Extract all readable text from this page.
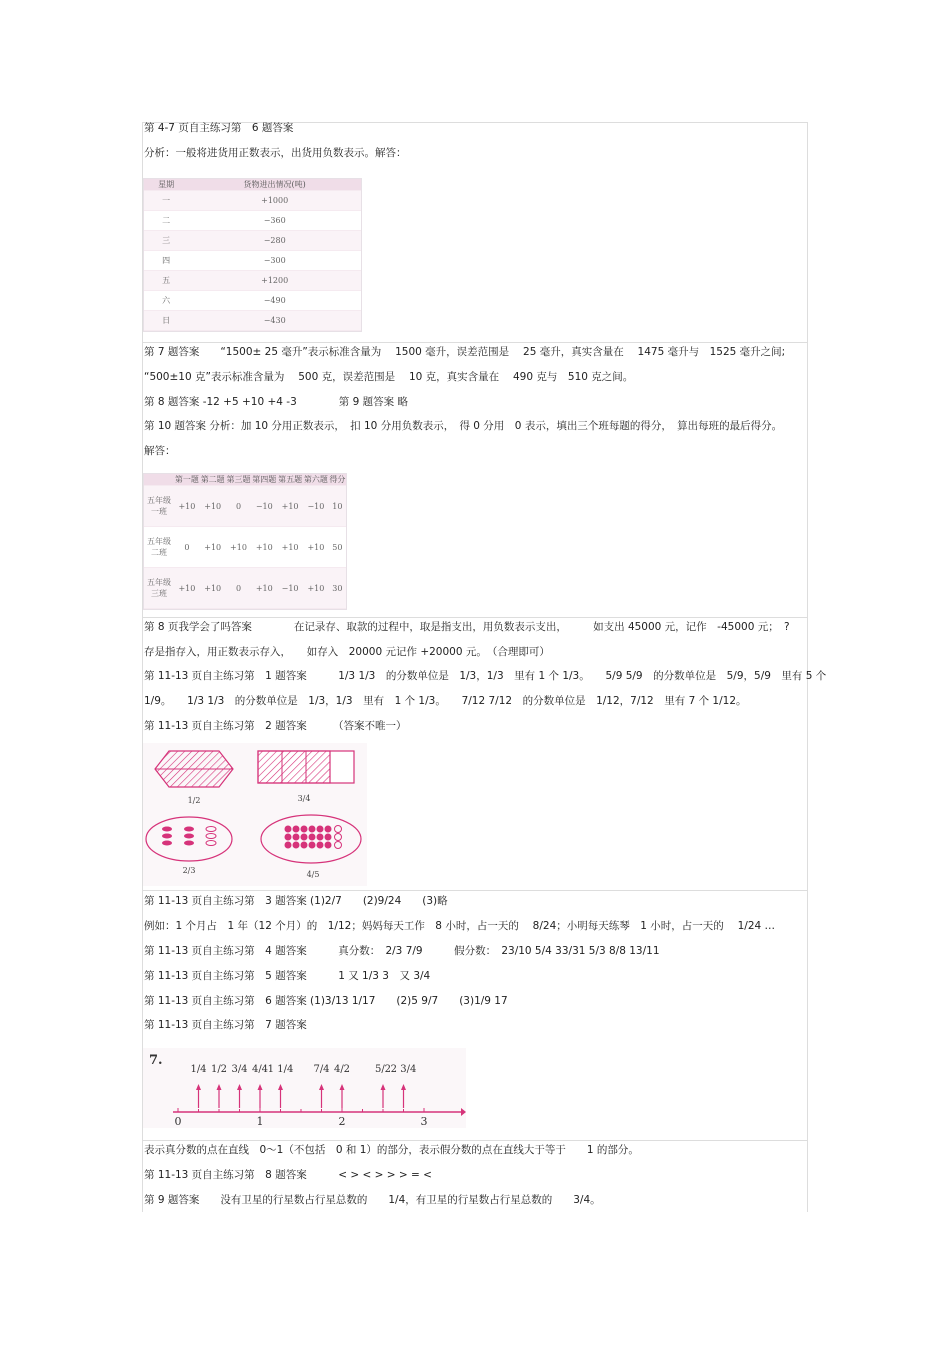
第 4-7 页自主练习第　6 题答案
分析：一般将进货用正数表示，出货用负数表示。解答：
星期	货物进出情况(吨)
一	+1000
二	−360
三	−280
四	−300
五	+1200
六	−490
日	−430
第 7 题答案　　“1500± 25 毫升”表示标准含量为　 1500 毫升，误差范围是　 25 毫升，真实含量在　 1475 毫升与　1525 毫升之间;
“500±10 克”表示标准含量为　 500 克，误差范围是　 10 克，真实含量在　 490 克与　510 克之间。
第 8 题答案 -12 +5 +10 +4 -3　　　　第 9 题答案 略
第 10 题答案 分析：加 10 分用正数表示，　扣 10 分用负数表示，　得 0 分用　0 表示，填出三个班每题的得分，　算出每班的最后得分。
解答：
	第一题	第二题	第三题	第四题	第五题	第六题	得分
五年级一班	+10	+10	0	−10	+10	−10	10
五年级二班	0	+10	+10	+10	+10	+10	50
五年级三班	+10	+10	0	+10	−10	+10	30
第 8 页我学会了吗答案　　　　在记录存、取款的过程中，取是指支出，用负数表示支出，　　　如支出 45000 元，记作　-45000 元；　?
存是指存入，用正数表示存入，　　如存入　20000 元记作 +20000 元。　（合理即可）
第 11-13 页自主练习第　1 题答案　　　1/3 1/3　的分数单位是　1/3，1/3　里有 1 个 1/3。　　5/9 5/9　的分数单位是　5/9，5/9　里有 5 个
1/9。　　1/3 1/3　的分数单位是　1/3，1/3　里有　1 个 1/3。　　7/12 7/12　的分数单位是　1/12，7/12　里有 7 个 1/12。
第 11-13 页自主练习第　2 题答案　　　（答案不唯一）
1/2	3/4
2/3	4/5
第 11-13 页自主练习第　3 题答案 (1)2/7　　(2)9/24　　(3)略
例如：1 个月占　1 年（12 个月）的　1/12；妈妈每天工作　8 小时，占一天的　 8/24；小明每天练琴　1 小时，占一天的　 1/24 …
第 11-13 页自主练习第　4 题答案　　　真分数：　2/3 7/9　　　假分数：　23/10 5/4 33/31 5/3 8/8 13/11
第 11-13 页自主练习第　5 题答案　　　1 又 1/3 3　又 3/4
第 11-13 页自主练习第　6 题答案 (1)3/13 1/17　　(2)5 9/7　　(3)1/9 17
第 11-13 页自主练习第　7 题答案
7.
0	1	2	3
1/4 1/2 3/4 4/4 1 1/4 7/4 4/2 5/2 2 3/4
表示真分数的点在直线　0～1（不包括　0 和 1）的部分，表示假分数的点在直线大于等于　　1 的部分。
第 11-13 页自主练习第　8 题答案　　　< > < > > > = <
第 9 题答案　　没有卫星的行星数占行星总数的　　1/4，有卫星的行星数占行星总数的　　3/4。
